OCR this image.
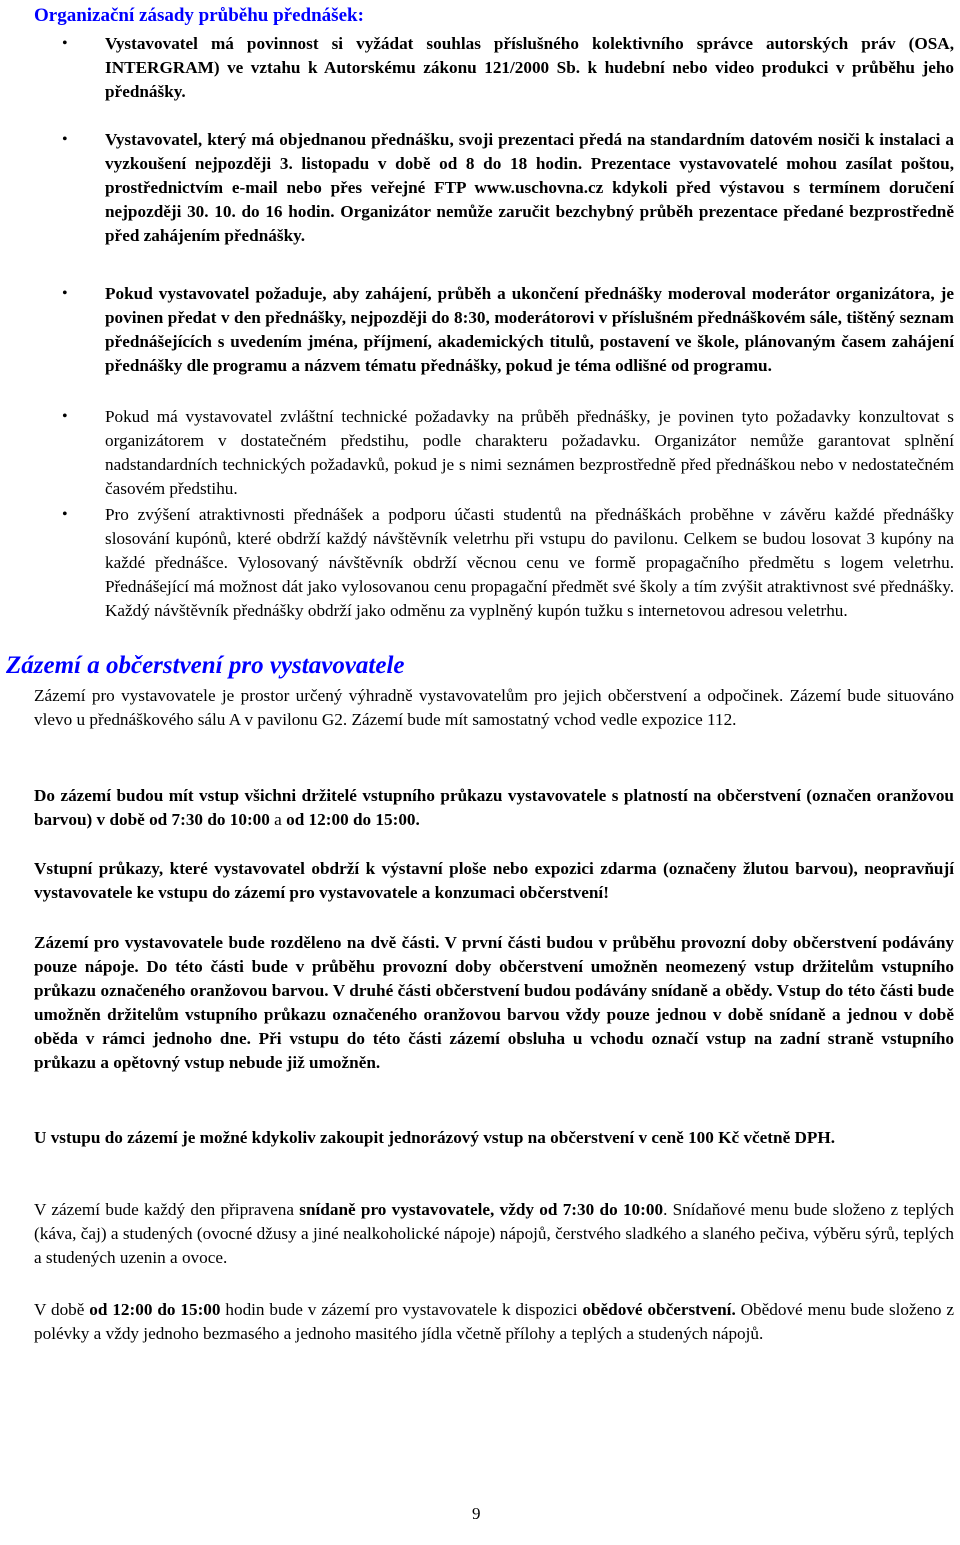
Organizační zásady průběhu přednášek:
• Vystavovatel má povinnost si vyžádat souhlas příslušného kolektivního správce autorských práv (OSA, INTERGRAM) ve vztahu k Autorskému zákonu 121/2000 Sb. k hudební nebo video produkci v průběhu jeho přednášky.

• Vystavovatel, který má objednanou přednášku, svoji prezentaci předá na standardním datovém nosiči k instalaci a vyzkoušení nejpozději 3. listopadu v době od 8 do 18 hodin. Prezentace vystavovatelé mohou zasílat poštou, prostřednictvím e-mail nebo přes veřejné FTP www.uschovna.cz kdykoli před výstavou s termínem doručení nejpozději 30. 10. do 16 hodin. Organizátor nemůže zaručit bezchybný průběh prezentace předané bezprostředně před zahájením přednášky.

• Pokud vystavovatel požaduje, aby zahájení, průběh a ukončení přednášky moderoval moderátor organizátora, je povinen předat v den přednášky, nejpozději do 8:30, moderátorovi v příslušném přednáškovém sále, tištěný seznam přednášejících s uvedením jména, příjmení, akademických titulů, postavení ve škole, plánovaným časem zahájení přednášky dle programu a názvem tématu přednášky, pokud je téma odlišné od programu.

• Pokud má vystavovatel zvláštní technické požadavky na průběh přednášky, je povinen tyto požadavky konzultovat s organizátorem v dostatečném předstihu, podle charakteru požadavku. Organizátor nemůže garantovat splnění nadstandardních technických požadavků, pokud je s nimi seznámen bezprostředně před přednáškou nebo v nedostatečném časovém předstihu.

• Pro zvýšení atraktivnosti přednášek a podporu účasti studentů na přednáškách proběhne v závěru každé přednášky slosování kupónů, které obdrží každý návštěvník veletrhu při vstupu do pavilonu. Celkem se budou losovat 3 kupóny na každé přednášce. Vylosovaný návštěvník obdrží věcnou cenu ve formě propagačního předmětu s logem veletrhu. Přednášející má možnost dát jako vylosovanou cenu propagační předmět své školy a tím zvýšit atraktivnost své přednášky. Každý návštěvník přednášky obdrží jako odměnu za vyplněný kupón tužku s internetovou adresou veletrhu.

Zázemí a občerstvení pro vystavovatele

Zázemí pro vystavovatele je prostor určený výhradně vystavovatelům pro jejich občerstvení a odpočinek. Zázemí bude situováno vlevo u přednáškového sálu A v pavilonu G2. Zázemí bude mít samostatný vchod vedle expozice 112.

Do zázemí budou mít vstup všichni držitelé vstupního průkazu vystavovatele s platností na občerstvení (označen oranžovou barvou) v době od 7:30 do 10:00 a od 12:00 do 15:00.

Vstupní průkazy, které vystavovatel obdrží k výstavní ploše nebo expozici zdarma (označeny žlutou barvou), neopravňují vystavovatele ke vstupu do zázemí pro vystavovatele a konzumaci občerstvení!

Zázemí pro vystavovatele bude rozděleno na dvě části. V první části budou v průběhu provozní doby občerstvení podávány pouze nápoje. Do této části bude v průběhu provozní doby občerstvení umožněn neomezený vstup držitelům vstupního průkazu označeného oranžovou barvou. V druhé části občerstvení budou podávány snídaně a obědy. Vstup do této části bude umožněn držitelům vstupního průkazu označeného oranžovou barvou vždy pouze jednou v době snídaně a jednou v době oběda v rámci jednoho dne. Při vstupu do této části zázemí obsluha u vchodu označí vstup na zadní straně vstupního průkazu a opětovný vstup nebude již umožněn.

U vstupu do zázemí je možné kdykoliv zakoupit jednorázový vstup na občerstvení v ceně 100 Kč včetně DPH.

V zázemí bude každý den připravena snídaně pro vystavovatele, vždy od 7:30 do 10:00. Snídaňové menu bude složeno z teplých (káva, čaj) a studených (ovocné džusy a jiné nealkoholické nápoje) nápojů, čerstvého sladkého a slaného pečiva, výběru sýrů, teplých a studených uzenin a ovoce.

V době od 12:00 do 15:00 hodin bude v zázemí pro vystavovatele k dispozici obědové občerstvení. Obědové menu bude složeno z polévky a vždy jednoho bezmasého a jednoho masitého jídla včetně přílohy a teplých a studených nápojů.

9
